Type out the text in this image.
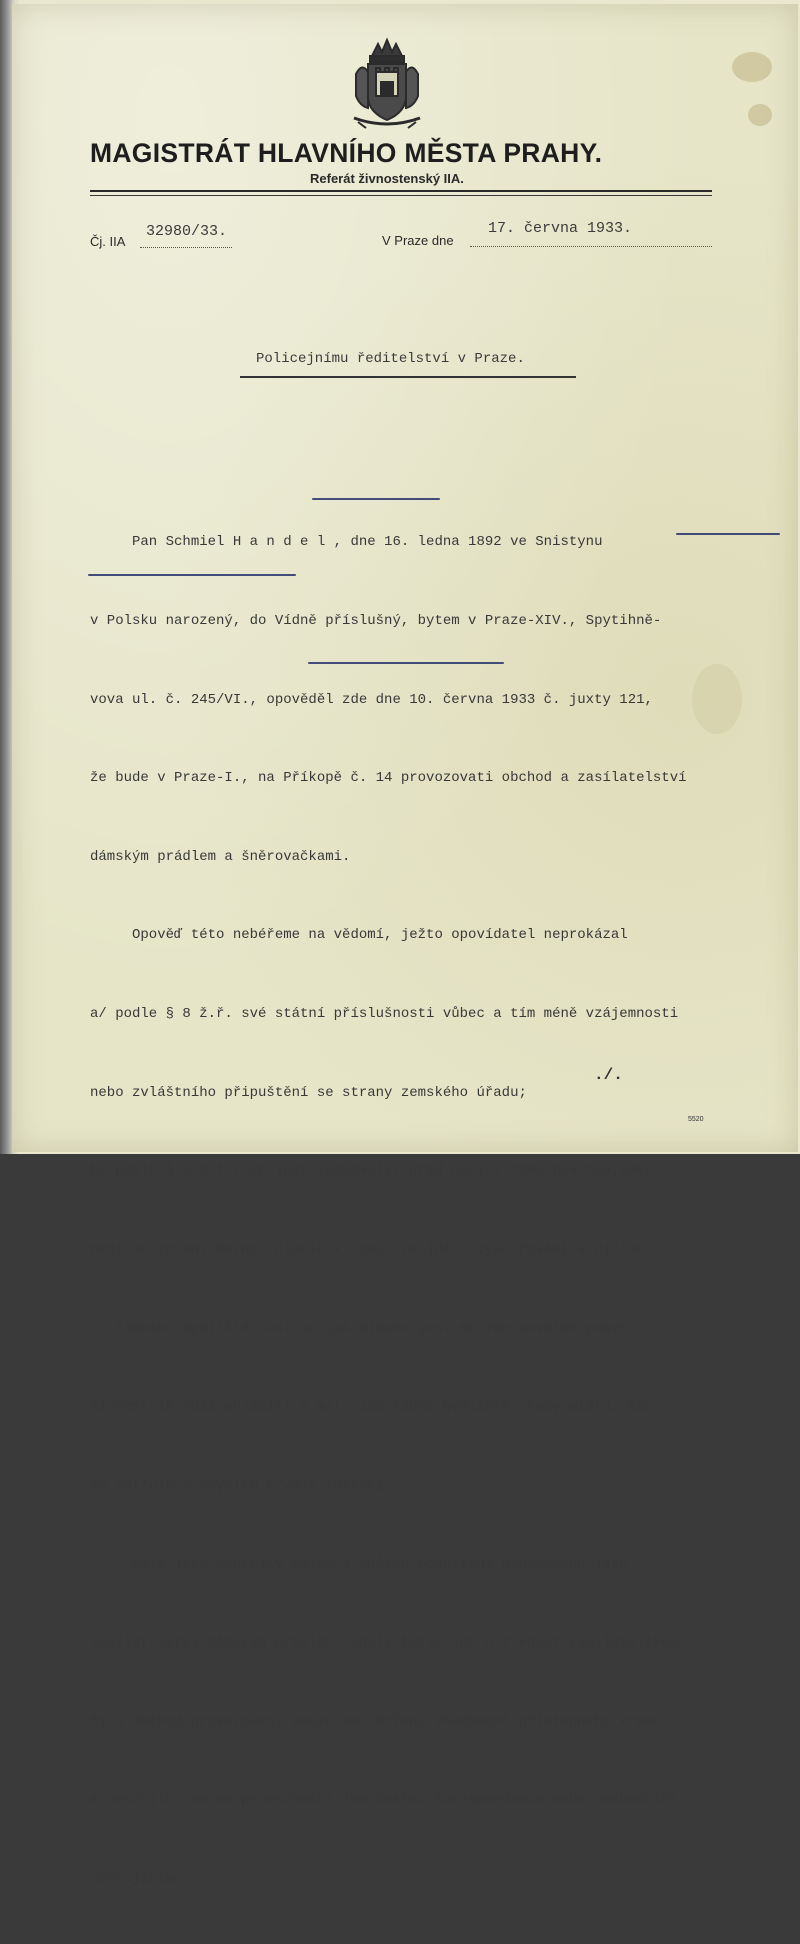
MAGISTRÁT HLAVNÍHO MĚSTA PRAHY.
Referát živnostenský IIA.
Čj. IIA
32980/33.
V Praze dne
17. června 1933.
Policejnímu ředitelství v Praze.

Pan Schmiel H a n d e l , dne 16. ledna 1892 ve Snistynu

v Polsku narozený, do Vídně příslušný, bytem v Praze-XIV., Spytihně-

vova ul. č. 245/VI., opověděl zde dne 10. června 1933 č. juxty 121,

že bude v Praze-I., na Příkopě č. 14 provozovati obchod a zasílatelství

dámským prádlem a šněrovačkami.

Opověď této nebéřeme na vědomí, ježto opovídatel neprokázal

a/ podle § 8 ž.ř. své státní příslušnosti vůbec a tím méně vzájemnosti

nebo zvláštního připuštění se strany zemského úřadu;

b/ podle § 5 ž.ř., že jest zachovalý; úřad není k tomu povinen,také

není mu to ani možno, hledíc k tomu, že jde o vyšetřování v cizině;

c/ řádného bydliště, ani na jak dlouho jest mu zde povolen pobyt.

Živnostník musí ohlásiti a míti zde řádné bydliště, tedy místo, kde

se zdržuje s úmyslem trvale zůstati.

Dále jest neurčitý pojem a způsob podnikání označeného jako

zasílatelství dámským prádlem, zdali totiž jde o živnost zasílatelskou

či o obchod provozovaný pouze bez držení všeobecně přístupného krámu

a omezující se na provozování jen cestou korespondence nebo obchodními

cestujícími.

./.
5520
